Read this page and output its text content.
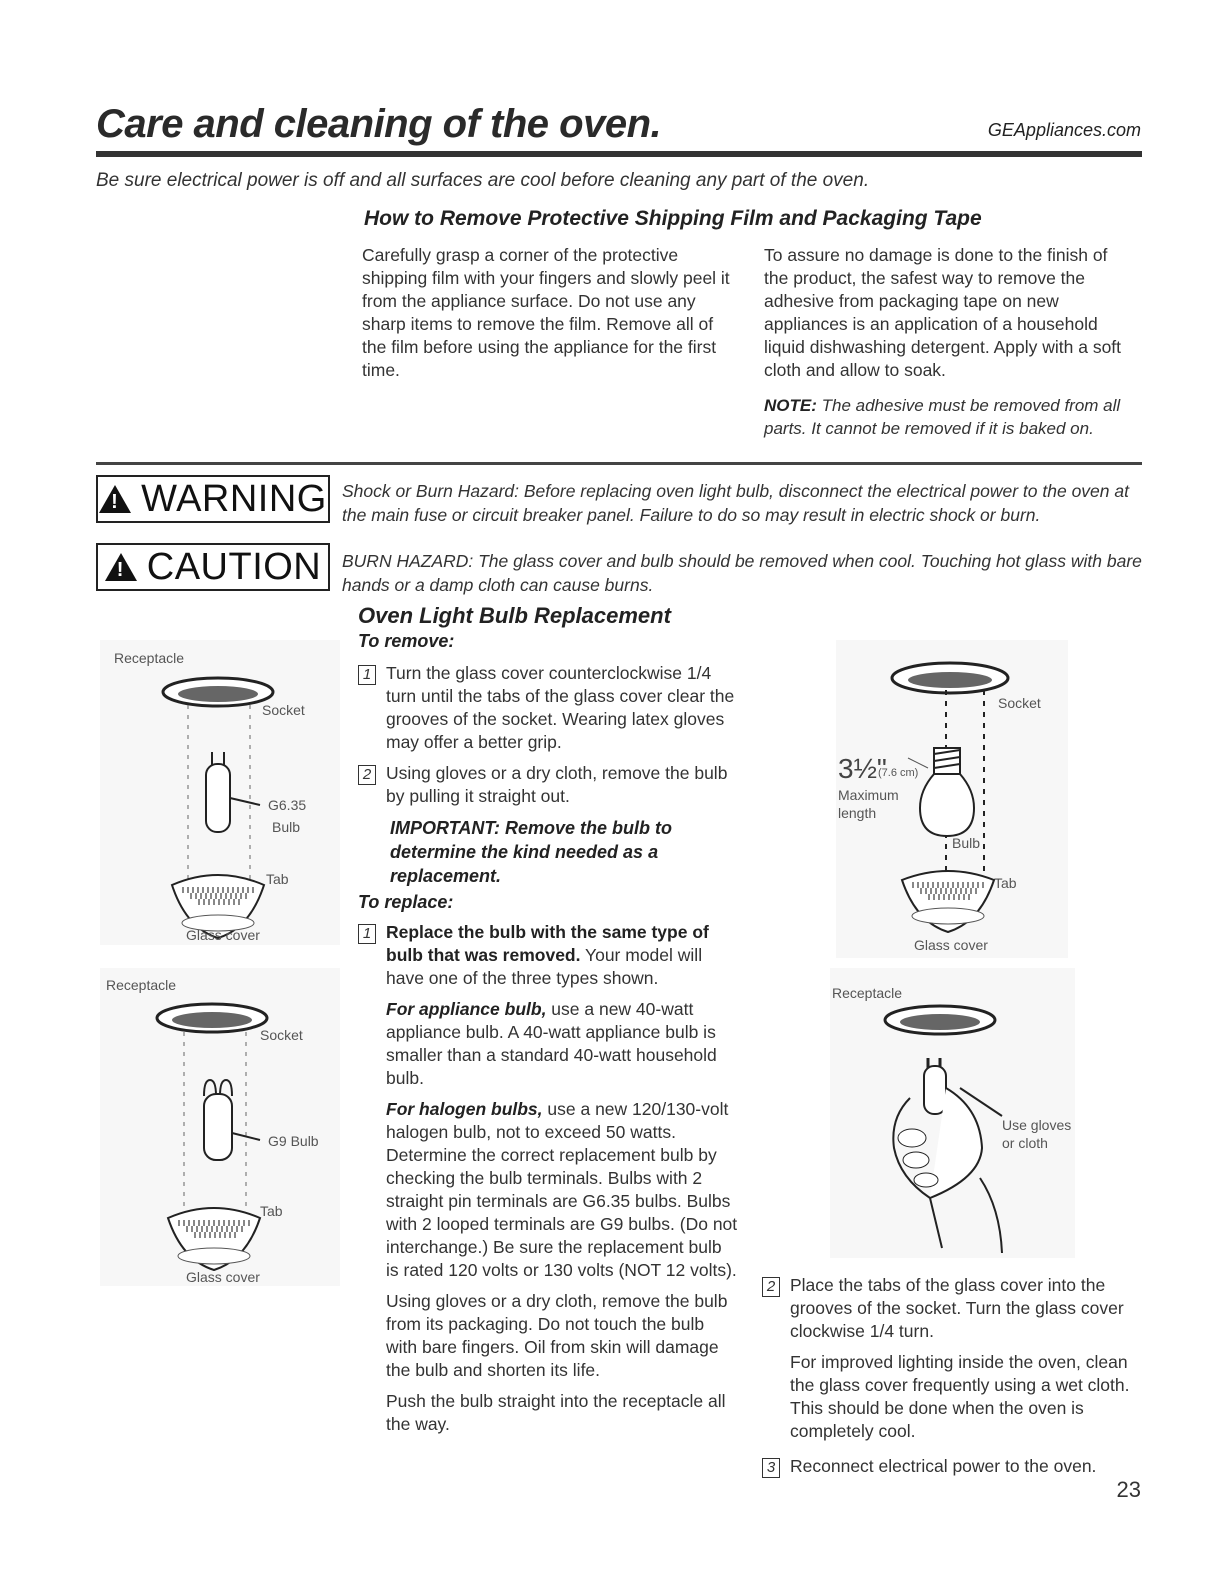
Care and cleaning of the oven.	GEAppliances.com
Be sure electrical power is off and all surfaces are cool before cleaning any part of the oven.
How to Remove Protective Shipping Film and Packaging Tape
Carefully grasp a corner of the protective shipping film with your fingers and slowly peel it from the appliance surface. Do not use any sharp items to remove the film. Remove all of the film before using the appliance for the first time.
To assure no damage is done to the finish of the product, the safest way to remove the adhesive from packaging tape on new appliances is an application of a household liquid dishwashing detergent. Apply with a soft cloth and allow to soak.
NOTE: The adhesive must be removed from all parts. It cannot be removed if it is baked on.
! WARNING Shock or Burn Hazard: Before replacing oven light bulb, disconnect the electrical power to the oven at the main fuse or circuit breaker panel. Failure to do so may result in electric shock or burn.
! CAUTION BURN HAZARD: The glass cover and bulb should be removed when cool. Touching hot glass with bare hands or a damp cloth can cause burns.
Oven Light Bulb Replacement
To remove:
1 Turn the glass cover counterclockwise 1/4 turn until the tabs of the glass cover clear the grooves of the socket. Wearing latex gloves may offer a better grip.
2 Using gloves or a dry cloth, remove the bulb by pulling it straight out.
IMPORTANT: Remove the bulb to determine the kind needed as a replacement.
To replace:
1 Replace the bulb with the same type of bulb that was removed. Your model will have one of the three types shown.
For appliance bulb, use a new 40-watt appliance bulb. A 40-watt appliance bulb is smaller than a standard 40-watt household bulb.
For halogen bulbs, use a new 120/130-volt halogen bulb, not to exceed 50 watts. Determine the correct replacement bulb by checking the bulb terminals. Bulbs with 2 straight pin terminals are G6.35 bulbs. Bulbs with 2 looped terminals are G9 bulbs. (Do not interchange.) Be sure the replacement bulb is rated 120 volts or 130 volts (NOT 12 volts).
Using gloves or a dry cloth, remove the bulb from its packaging. Do not touch the bulb with bare fingers. Oil from skin will damage the bulb and shorten its life.
Push the bulb straight into the receptacle all the way.
2 Place the tabs of the glass cover into the grooves of the socket. Turn the glass cover clockwise 1/4 turn.
For improved lighting inside the oven, clean the glass cover frequently using a wet cloth. This should be done when the oven is completely cool.
3 Reconnect electrical power to the oven.
23
Receptacle
Socket
G6.35
Bulb
Tab
Glass cover
Receptacle
Socket
G9 Bulb
Tab
Glass cover
Socket
3½"
(7.6 cm)
Maximum
length
Bulb
Tab
Glass cover
Receptacle
Use gloves
or cloth
